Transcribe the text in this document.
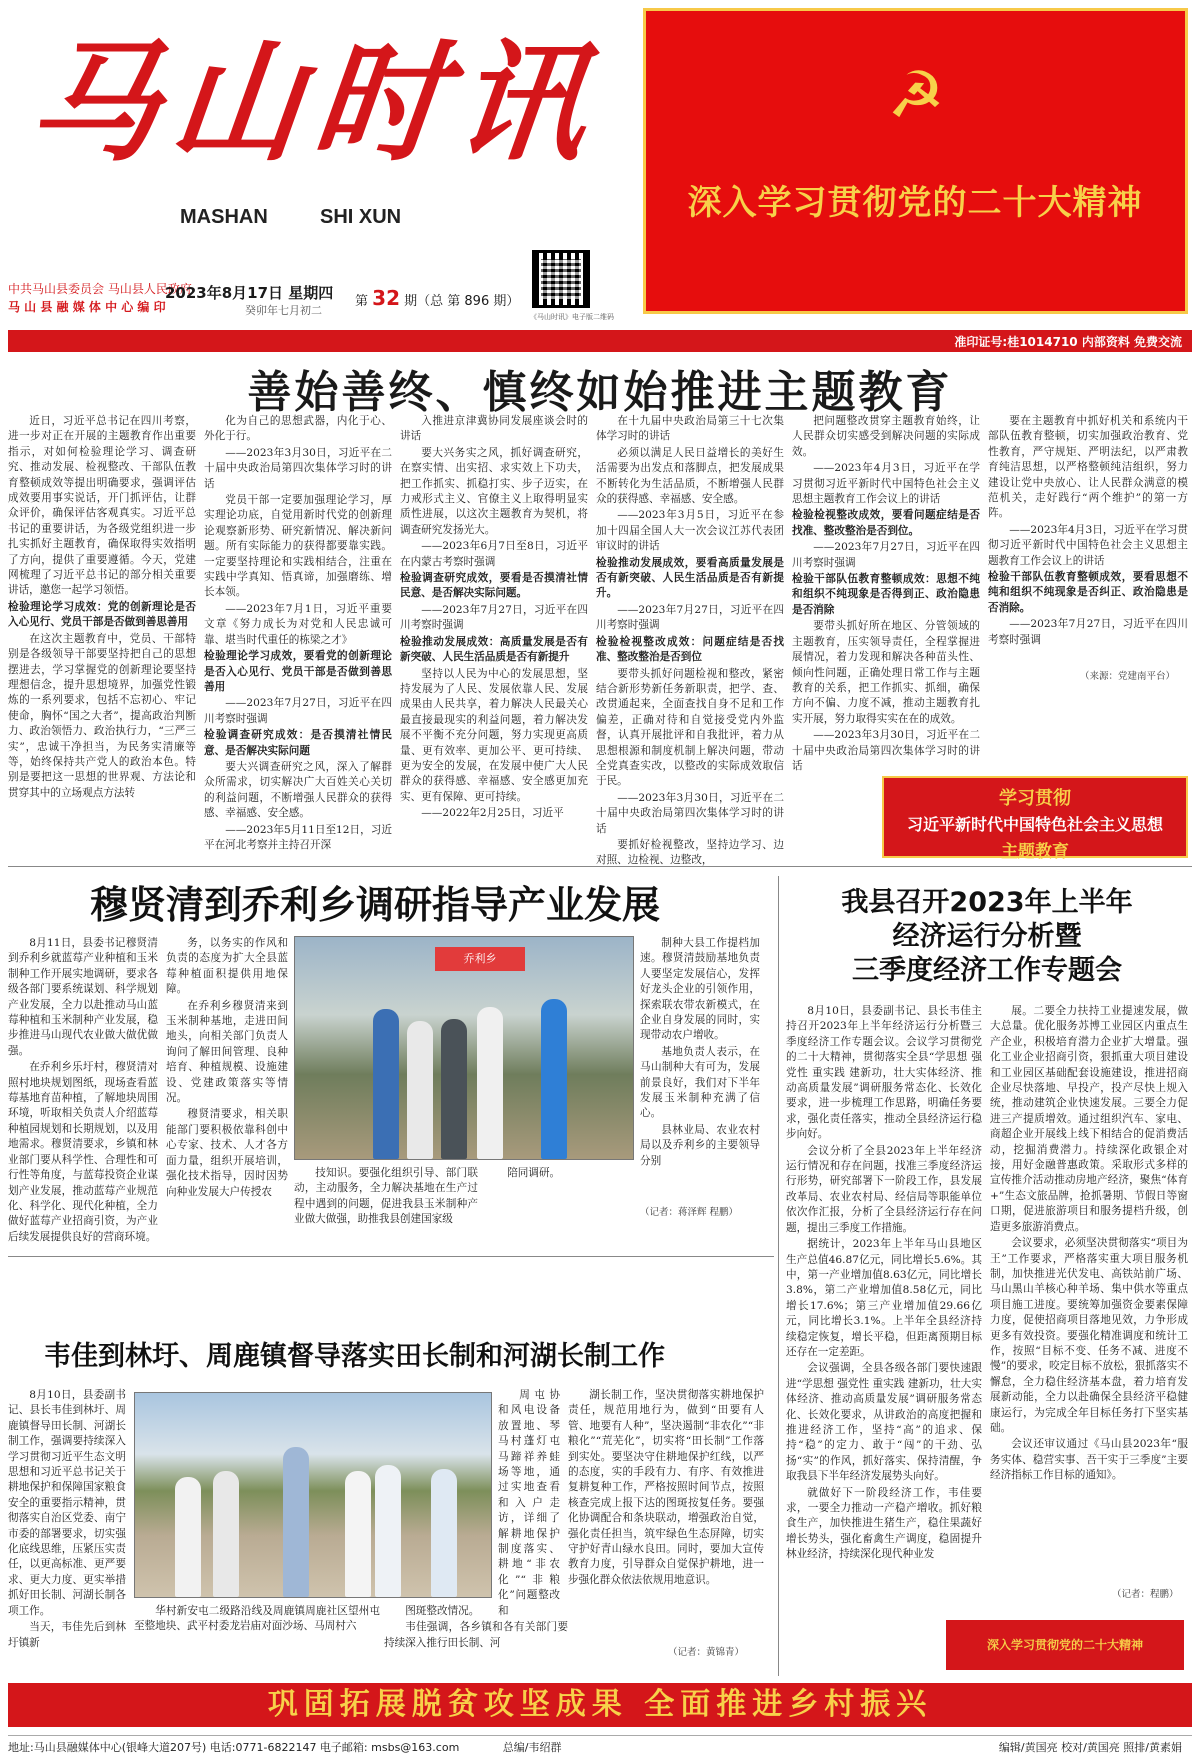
马山时讯
MASHAN	SHI XUN
☭
深入学习贯彻党的二十大精神
中共马山县委员会 马山县人民政府
马 山 县 融 媒 体 中 心 编 印
2023年8月17日 星期四
癸卯年七月初二
第 32 期（总 第 896 期）
《马山时讯》电子版二维码
准印证号:桂1014710 内部资料 免费交流
善始善终、慎终如始推进主题教育

近日，习近平总书记在四川考察，进一步对正在开展的主题教育作出重要指示，对如何检验理论学习、调查研究、推动发展、检视整改、干部队伍教育整顿成效等提出明确要求，强调评估成效要用事实说话，开门抓评估，让群众评价，确保评估客观真实。习近平总书记的重要讲话，为各级党组织进一步扎实抓好主题教育，确保取得实效指明了方向，提供了重要遵循。今天，党建网梳理了习近平总书记的部分相关重要讲话，邀您一起学习领悟。

检验理论学习成效：党的创新理论是否入心见行、党员干部是否做到善思善用

在这次主题教育中，党员、干部特别是各级领导干部要坚持把自己的思想摆进去，学习掌握党的创新理论要坚持理想信念，提升思想境界，加强党性锻炼的一系列要求，包括不忘初心、牢记使命，胸怀“国之大者”，提高政治判断力、政治领悟力、政治执行力，“三严三实”，忠诚干净担当，为民务实清廉等等，始终保持共产党人的政治本色。特别是要把这一思想的世界观、方法论和贯穿其中的立场观点方法转

化为自己的思想武器，内化于心、外化于行。

——2023年3月30日，习近平在二十届中央政治局第四次集体学习时的讲话

党员干部一定要加强理论学习，厚实理论功底，自觉用新时代党的创新理论观察新形势、研究新情况、解决新问题。所有实际能力的获得都要靠实践。一定要坚持理论和实践相结合，注重在实践中学真知、悟真谛，加强磨练、增长本领。

——2023年7月1日，习近平重要文章《努力成长为对党和人民忠诚可靠、堪当时代重任的栋梁之才》

检验理论学习成效，要看党的创新理论是否入心见行、党员干部是否做到善思善用

——2023年7月27日，习近平在四川考察时强调

检验调查研究成效：是否摸清社情民意、是否解决实际问题

要大兴调查研究之风，深入了解群众所需求，切实解决广大百姓关心关切的利益问题，不断增强人民群众的获得感、幸福感、安全感。

——2023年5月11日至12日，习近平在河北考察并主持召开深

入推进京津冀协同发展座谈会时的讲话

要大兴务实之风，抓好调查研究，在察实情、出实招、求实效上下功夫，把工作抓实、抓稳打实、步子迈实，在力戒形式主义、官僚主义上取得明显实质性进展，以这次主题教育为契机，将调查研究发扬光大。

——2023年6月7日至8日，习近平在内蒙古考察时强调

检验调查研究成效，要看是否摸清社情民意、是否解决实际问题。

——2023年7月27日，习近平在四川考察时强调

检验推动发展成效：高质量发展是否有新突破、人民生活品质是否有新提升

坚持以人民为中心的发展思想，坚持发展为了人民、发展依靠人民、发展成果由人民共享，着力解决人民最关心最直接最现实的利益问题，着力解决发展不平衡不充分问题，努力实现更高质量、更有效率、更加公平、更可持续、更为安全的发展，在发展中使广大人民群众的获得感、幸福感、安全感更加充实、更有保障、更可持续。

——2022年2月25日，习近平

在十九届中央政治局第三十七次集体学习时的讲话

必须以满足人民日益增长的美好生活需要为出发点和落脚点，把发展成果不断转化为生活品质，不断增强人民群众的获得感、幸福感、安全感。

——2023年3月5日，习近平在参加十四届全国人大一次会议江苏代表团审议时的讲话

检验推动发展成效，要看高质量发展是否有新突破、人民生活品质是否有新提升。

——2023年7月27日，习近平在四川考察时强调

检验检视整改成效：问题症结是否找准、整改整治是否到位

要带头抓好问题检视和整改，紧密结合新形势新任务新职责，把学、查、改贯通起来，全面查找自身不足和工作偏差，正确对待和自觉接受党内外监督，认真开展批评和自我批评，着力从思想根源和制度机制上解决问题，带动全党真查实改，以整改的实际成效取信于民。

——2023年3月30日，习近平在二十届中央政治局第四次集体学习时的讲话

要抓好检视整改，坚持边学习、边对照、边检视、边整改，

把问题整改贯穿主题教育始终，让人民群众切实感受到解决问题的实际成效。

——2023年4月3日，习近平在学习贯彻习近平新时代中国特色社会主义思想主题教育工作会议上的讲话

检验检视整改成效，要看问题症结是否找准、整改整治是否到位。

——2023年7月27日，习近平在四川考察时强调

检验干部队伍教育整顿成效：思想不纯和组织不纯现象是否得到正、政治隐患是否消除

要带头抓好所在地区、分管领域的主题教育，压实领导责任，全程掌握进展情况，着力发现和解决各种苗头性、倾向性问题，正确处理日常工作与主题教育的关系，把工作抓实、抓细，确保方向不偏、力度不减，推动主题教育扎实开展，努力取得实实在在的成效。

——2023年3月30日，习近平在二十届中央政治局第四次集体学习时的讲话

要在主题教育中抓好机关和系统内干部队伍教育整顿，切实加强政治教育、党性教育，严守规矩、严明法纪，以严肃教育纯洁思想，以严格整顿纯洁组织，努力建设让党中央放心、让人民群众满意的模范机关，走好践行“两个维护”的第一方阵。

——2023年4月3日，习近平在学习贯彻习近平新时代中国特色社会主义思想主题教育工作会议上的讲话

检验干部队伍教育整顿成效，要看思想不纯和组织不纯现象是否纠正、政治隐患是否消除。

——2023年7月27日，习近平在四川考察时强调

（来源：党建南平台）
学习贯彻
习近平新时代中国特色社会主义思想
主题教育
穆贤清到乔利乡调研指导产业发展

8月11日，县委书记穆贤清到乔利乡就蓝莓产业种植和玉米制种工作开展实地调研，要求各级各部门要系统谋划、科学规划产业发展，全力以赴推动马山蓝莓种植和玉米制种产业发展，稳步推进马山现代农业做大做优做强。

在乔利乡乐圩村，穆贤清对照村地块规划图纸，现场查看蓝莓基地育苗种植，了解地块周围环境，听取相关负责人介绍蓝莓种植园规划和长期规划，以及用地需求。穆贤清要求，乡镇和林业部门要从科学性、合理性和可行性等角度，与蓝莓投资企业谋划产业发展，推动蓝莓产业规范化、科学化、现代化种植，全力做好蓝莓产业招商引资，为产业后续发展提供良好的营商环境。

务，以务实的作风和负责的态度为扩大全县蓝莓种植面积提供用地保障。

在乔利乡穆贤清来到玉米制种基地，走进田间地头，向相关部门负责人询问了解田间管理、良种培育、种植规模、设施建设、党建政策落实等情况。

穆贤清要求，相关职能部门要积极依靠科创中心专家、技术、人才各方面力量，组织开展培训，强化技术指导，因时因势向种业发展大户传授农

乔利乡

制种大县工作提档加速。穆贤清鼓励基地负责人要坚定发展信心，发挥好龙头企业的引领作用，探索联农带农新模式，在企业自身发展的同时，实现带动农户增收。

基地负责人表示，在马山制种大有可为，发展前景良好，我们对下半年发展玉米制种充满了信心。

县林业局、农业农村局以及乔利乡的主要领导分别

（记者：蒋泽辉 程鹏）

技知识。要强化组织引导、部门联动，主动服务，全力解决基地在生产过程中遇到的问题，促进我县玉米制种产业做大做强，助推我县创建国家级

陪同调研。

我县召开2023年上半年
经济运行分析暨
三季度经济工作专题会

8月10日，县委副书记、县长韦佳主持召开2023年上半年经济运行分析暨三季度经济工作专题会议。会议学习贯彻党的二十大精神，贯彻落实全县“学思想 强党性 重实践 建新功，壮大实体经济、推动高质量发展”调研服务常态化、长效化要求，进一步梳理工作思路，明确任务要求，强化责任落实，推动全县经济运行稳步向好。

会议分析了全县2023年上半年经济运行情况和存在问题，找准三季度经济运行形势，研究部署下一阶段工作，县发展改革局、农业农村局、经信局等职能单位依次作汇报，分析了全县经济运行存在问题，提出三季度工作措施。

据统计，2023年上半年马山县地区生产总值46.87亿元，同比增长5.6%。其中，第一产业增加值8.63亿元，同比增长3.8%，第二产业增加值8.58亿元，同比增长17.6%；第三产业增加值29.66亿元，同比增长3.1%。上半年全县经济持续稳定恢复，增长平稳，但距离预期目标还存在一定差距。

会议强调，全县各级各部门要快速跟进“学思想 强党性 重实践 建新功，壮大实体经济、推动高质量发展”调研服务常态化、长效化要求，从讲政治的高度把握和推进经济工作，坚持“高”的追求、保持“稳”的定力、敢于“闯”的干劲、弘扬“实”的作风，抓好落实、保持清醒，争取我县下半年经济发展势头向好。

就做好下一阶段经济工作，韦佳要求，一要全力推动一产稳产增收。抓好粮食生产，加快推进生猪生产，稳住果蔬好增长势头，强化畜禽生产调度，稳固提升林业经济，持续深化现代种业发

展。二要全力扶持工业提速发展，做大总量。优化服务苏博工业园区内重点生产企业，积极培育潜力企业扩大增量。强化工业企业招商引资，狠抓重大项目建设和工业园区基础配套设施建设，推进招商企业尽快落地、早投产，投产尽快上规入统，推动建筑企业快速发展。三要全力促进三产提质增效。通过组织汽车、家电、商超企业开展线上线下相结合的促消费活动，挖掘消费潜力。持续深化政银企对接，用好金融普惠政策。采取形式多样的宣传推介活动推动房地产经济，聚焦“体育+”生态文旅品牌，抢抓暑期、节假日等窗口期，促进旅游项目和服务提档升级，创造更多旅游消费点。

会议要求，必须坚决贯彻落实“项目为王”工作要求，严格落实重大项目服务机制，加快推进光伏发电、高铁站前广场、马山黑山羊核心种羊场、集中供水等重点项目施工进度。要统筹加强资金要素保障力度，促使招商项目落地见效，力争形成更多有效投资。要强化精准调度和统计工作，按照“目标不变、任务不减、进度不慢”的要求，咬定目标不放松，狠抓落实不懈怠，全力稳住经济基本盘，着力培育发展新动能，全力以赴确保全县经济平稳健康运行，为完成全年目标任务打下坚实基础。

会议还审议通过《马山县2023年“服务实体、稳营实事、吾干实于三季度”主要经济指标工作目标的通知》。

（记者：程鹏）
深入学习贯彻党的二十大精神
韦佳到林圩、周鹿镇督导落实田长制和河湖长制工作

8月10日，县委副书记、县长韦佳到林圩、周鹿镇督导田长制、河湖长制工作，强调要持续深入学习贯彻习近平生态文明思想和习近平总书记关于耕地保护和保障国家粮食安全的重要指示精神，贯彻落实自治区党委、南宁市委的部署要求，切实强化底线思维，压紧压实责任，以更高标准、更严要求、更大力度、更实举措抓好田长制、河湖长制各项工作。

当天，韦佳先后到林圩镇新

华村新安屯二级路沿线及周鹿镇周鹿社区望州屯至整地块、武平村委龙岩庙对面沙场、马周村六

图斑整改情况。

韦佳强调，各乡镇和各有关部门要持续深入推行田长制、河

周屯协和风电设备放置地、琴马村蓬灯屯马蹄祥养蛙场等地，通过实地查看和入户走访，详细了解耕地保护制度落实、耕地“非农化”“非粮化”问题整改和

湖长制工作，坚决贯彻落实耕地保护责任，规范用地行为，做到“田要有人管、地要有人种”，坚决遏制“非农化”“非粮化”“荒芜化”，切实将“田长制”工作落到实处。要坚决守住耕地保护红线，以严的态度，实的手段有力、有序、有效推进复耕复种工作，严格按照时间节点，按照核查完成上报下达的图斑按复任务。要强化协调配合和条块联动，增强政治自觉，强化责任担当，筑牢绿色生态屏障，切实守护好青山绿水良田。同时，要加大宣传教育力度，引导群众自觉保护耕地，进一步强化群众依法依规用地意识。

（记者：黄锦青）
巩固拓展脱贫攻坚成果 全面推进乡村振兴
地址:马山县融媒体中心(银峰大道207号) 电话:0771-6822147 电子邮箱: msbs@163.com	总编/韦绍群	编辑/黄国亮 校对/黄国亮 照排/黄素娟
